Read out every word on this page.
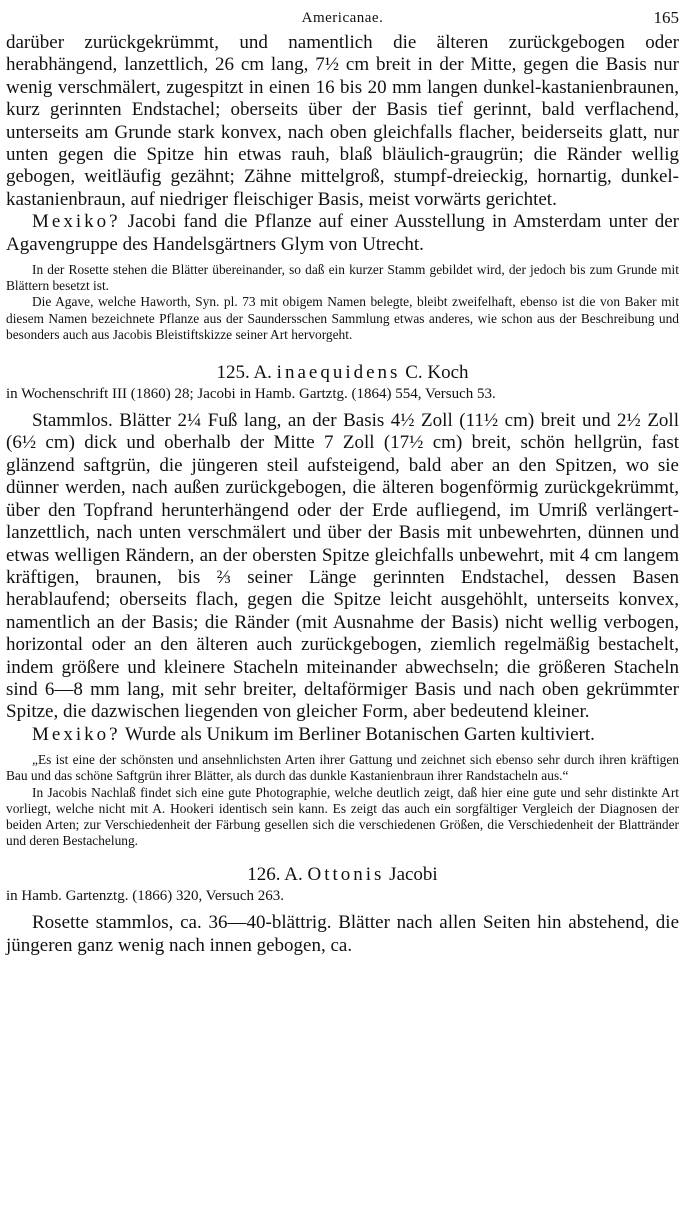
Americanae.	165

darüber zurückgekrümmt, und namentlich die älteren zurückgebogen oder herabhängend, lanzettlich, 26 cm lang, 7½ cm breit in der Mitte, gegen die Basis nur wenig verschmälert, zugespitzt in einen 16 bis 20 mm langen dunkel-kastanienbraunen, kurz gerinnten Endstachel; oberseits über der Basis tief gerinnt, bald verflachend, unterseits am Grunde stark konvex, nach oben gleichfalls flacher, beiderseits glatt, nur unten gegen die Spitze hin etwas rauh, blaß bläulich-graugrün; die Ränder wellig gebogen, weitläufig gezähnt; Zähne mittelgroß, stumpf-dreieckig, hornartig, dunkel-kastanienbraun, auf niedriger fleischiger Basis, meist vorwärts gerichtet.

Mexiko? Jacobi fand die Pflanze auf einer Ausstellung in Amsterdam unter der Agavengruppe des Handelsgärtners Glym von Utrecht.

In der Rosette stehen die Blätter übereinander, so daß ein kurzer Stamm gebildet wird, der jedoch bis zum Grunde mit Blättern besetzt ist.

Die Agave, welche Haworth, Syn. pl. 73 mit obigem Namen belegte, bleibt zweifelhaft, ebenso ist die von Baker mit diesem Namen bezeichnete Pflanze aus der Saundersschen Sammlung etwas anderes, wie schon aus der Beschreibung und besonders auch aus Jacobis Bleistiftskizze seiner Art hervorgeht.

125. A. inaequidens C. Koch

in Wochenschrift III (1860) 28; Jacobi in Hamb. Gartztg. (1864) 554, Versuch 53.

Stammlos. Blätter 2¼ Fuß lang, an der Basis 4½ Zoll (11½ cm) breit und 2½ Zoll (6½ cm) dick und oberhalb der Mitte 7 Zoll (17½ cm) breit, schön hellgrün, fast glänzend saftgrün, die jüngeren steil aufsteigend, bald aber an den Spitzen, wo sie dünner werden, nach außen zurückgebogen, die älteren bogenförmig zurückgekrümmt, über den Topfrand herunterhängend oder der Erde aufliegend, im Umriß verlängert-lanzettlich, nach unten verschmälert und über der Basis mit unbewehrten, dünnen und etwas welligen Rändern, an der obersten Spitze gleichfalls unbewehrt, mit 4 cm langem kräftigen, braunen, bis ⅔ seiner Länge gerinnten Endstachel, dessen Basen herablaufend; oberseits flach, gegen die Spitze leicht ausgehöhlt, unterseits konvex, namentlich an der Basis; die Ränder (mit Ausnahme der Basis) nicht wellig verbogen, horizontal oder an den älteren auch zurückgebogen, ziemlich regelmäßig bestachelt, indem größere und kleinere Stacheln miteinander abwechseln; die größeren Stacheln sind 6—8 mm lang, mit sehr breiter, deltaförmiger Basis und nach oben gekrümmter Spitze, die dazwischen liegenden von gleicher Form, aber bedeutend kleiner.

Mexiko? Wurde als Unikum im Berliner Botanischen Garten kultiviert.

„Es ist eine der schönsten und ansehnlichsten Arten ihrer Gattung und zeichnet sich ebenso sehr durch ihren kräftigen Bau und das schöne Saftgrün ihrer Blätter, als durch das dunkle Kastanienbraun ihrer Randstacheln aus.“

In Jacobis Nachlaß findet sich eine gute Photographie, welche deutlich zeigt, daß hier eine gute und sehr distinkte Art vorliegt, welche nicht mit A. Hookeri identisch sein kann. Es zeigt das auch ein sorgfältiger Vergleich der Diagnosen der beiden Arten; zur Verschiedenheit der Färbung gesellen sich die verschiedenen Größen, die Verschiedenheit der Blattränder und deren Bestachelung.

126. A. Ottonis Jacobi

in Hamb. Gartenztg. (1866) 320, Versuch 263.

Rosette stammlos, ca. 36—40-blättrig. Blätter nach allen Seiten hin abstehend, die jüngeren ganz wenig nach innen gebogen, ca.
